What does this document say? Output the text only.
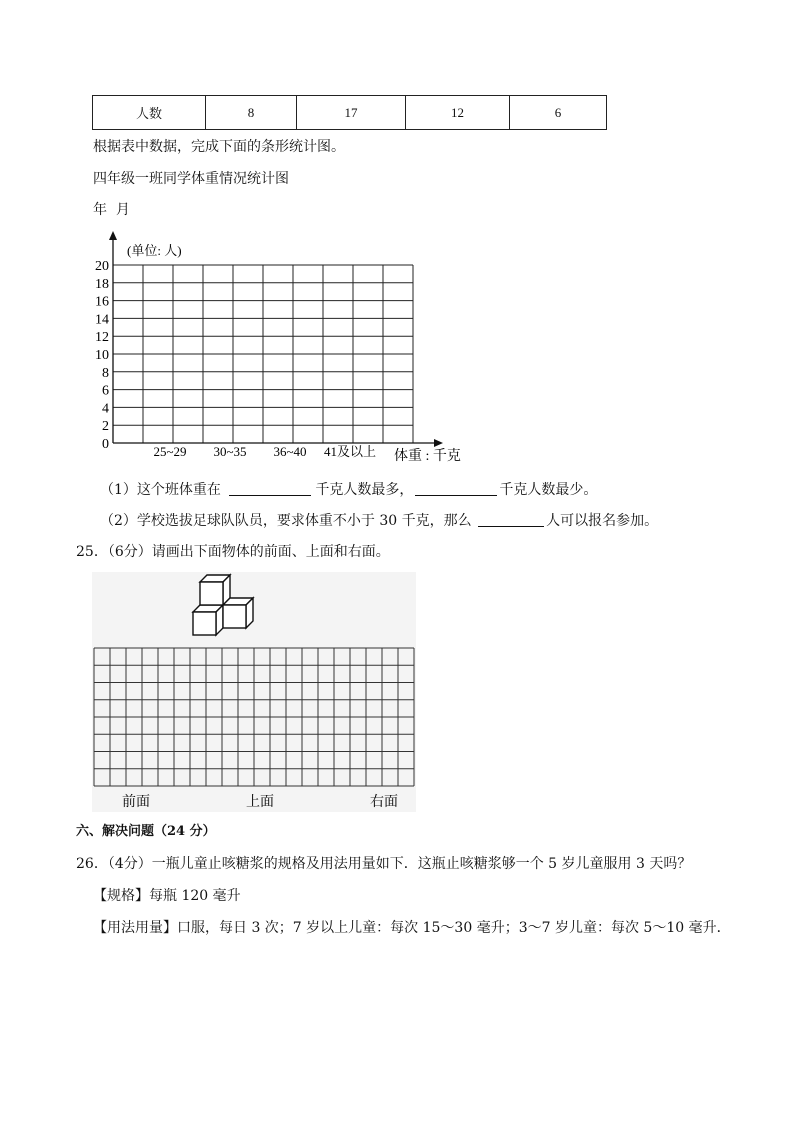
人数	8	17	12	6
根据表中数据，完成下面的条形统计图。
四年级一班同学体重情况统计图
年  月
20
18
16
14
12
10
8
6
4
2
0	25~29 30~35 36~40 41及以上
(单位: 人)
体重 : 千克
（1）这个班体重在	千克人数最多，	千克人数最少。
（2）学校选拔足球队队员，要求体重不小于 30 千克，那么	人可以报名参加。
25．（6分）请画出下面物体的前面、上面和右面。
前面	上面	右面
六、解决问题（24 分）
26．（4分）一瓶儿童止咳糖浆的规格及用法用量如下．这瓶止咳糖浆够一个 5 岁儿童服用 3 天吗？
【规格】每瓶 120 毫升
【用法用量】口服，每日 3 次；7 岁以上儿童：每次 15～30 毫升；3～7 岁儿童：每次 5～10 毫升．
